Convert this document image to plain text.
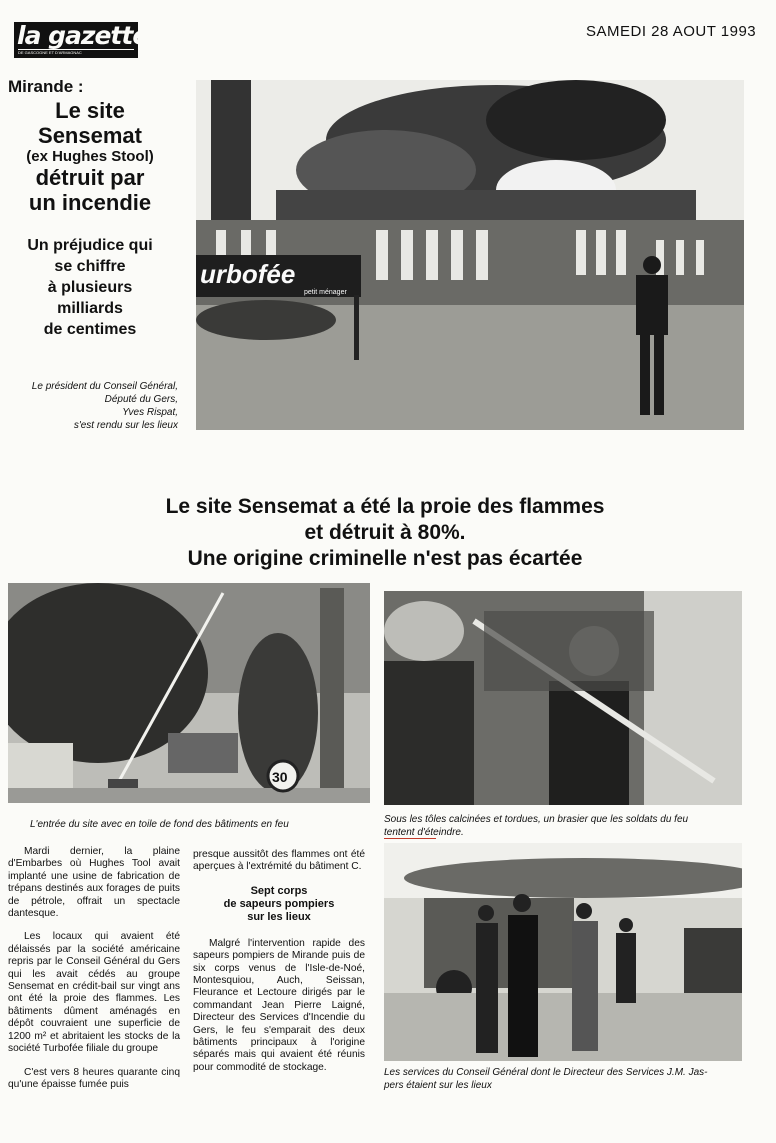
la gazette
DE GASCOGNE ET D'ARMAGNAC
SAMEDI 28 AOUT 1993
Mirande :
Le site
Sensemat
(ex Hughes Stool)
détruit par
un incendie
Un préjudice qui
se chiffre
à plusieurs
milliards
de centimes
Le président du Conseil Général,
Député du Gers,
Yves Rispat,
s'est rendu sur les lieux
urbofée
petit ménager
Le site Sensemat a été la proie des flammes
et détruit à 80%.
Une origine criminelle n'est pas écartée
30
L'entrée du site avec en toile de fond des bâtiments en feu	Sous les tôles calcinées et tordues, un brasier que les soldats du feu
tentent d'éteindre.
Les services du Conseil Général dont le Directeur des Services J.M. Jas-
pers étaient sur les lieux

Mardi dernier, la plaine d'Embarbes où Hughes Tool avait implanté une usine de fabrication de trépans destinés aux forages de puits de pétrole, offrait un spectacle dantesque.

Les locaux qui avaient été délaissés par la société américaine repris par le Conseil Général du Gers qui les avait cédés au groupe Sensemat en crédit-bail sur vingt ans ont été la proie des flammes. Les bâtiments dûment aménagés en dépôt couvraient une superficie de 1200 m² et abritaient les stocks de la société Turbofée filiale du groupe

C'est vers 8 heures quarante cinq qu'une épaisse fumée puis

presque aussitôt des flammes ont été aperçues à l'extrémité du bâtiment C.

Sept corps
de sapeurs pompiers
sur les lieux

Malgré l'intervention rapide des sapeurs pompiers de Mirande puis de six corps venus de l'Isle-de-Noé, Montesquiou, Auch, Seissan, Fleurance et Lectoure dirigés par le commandant Jean Pierre Laigné, Directeur des Services d'Incendie du Gers, le feu s'emparait des deux bâtiments principaux à l'origine séparés mais qui avaient été réunis pour commodité de stockage.
